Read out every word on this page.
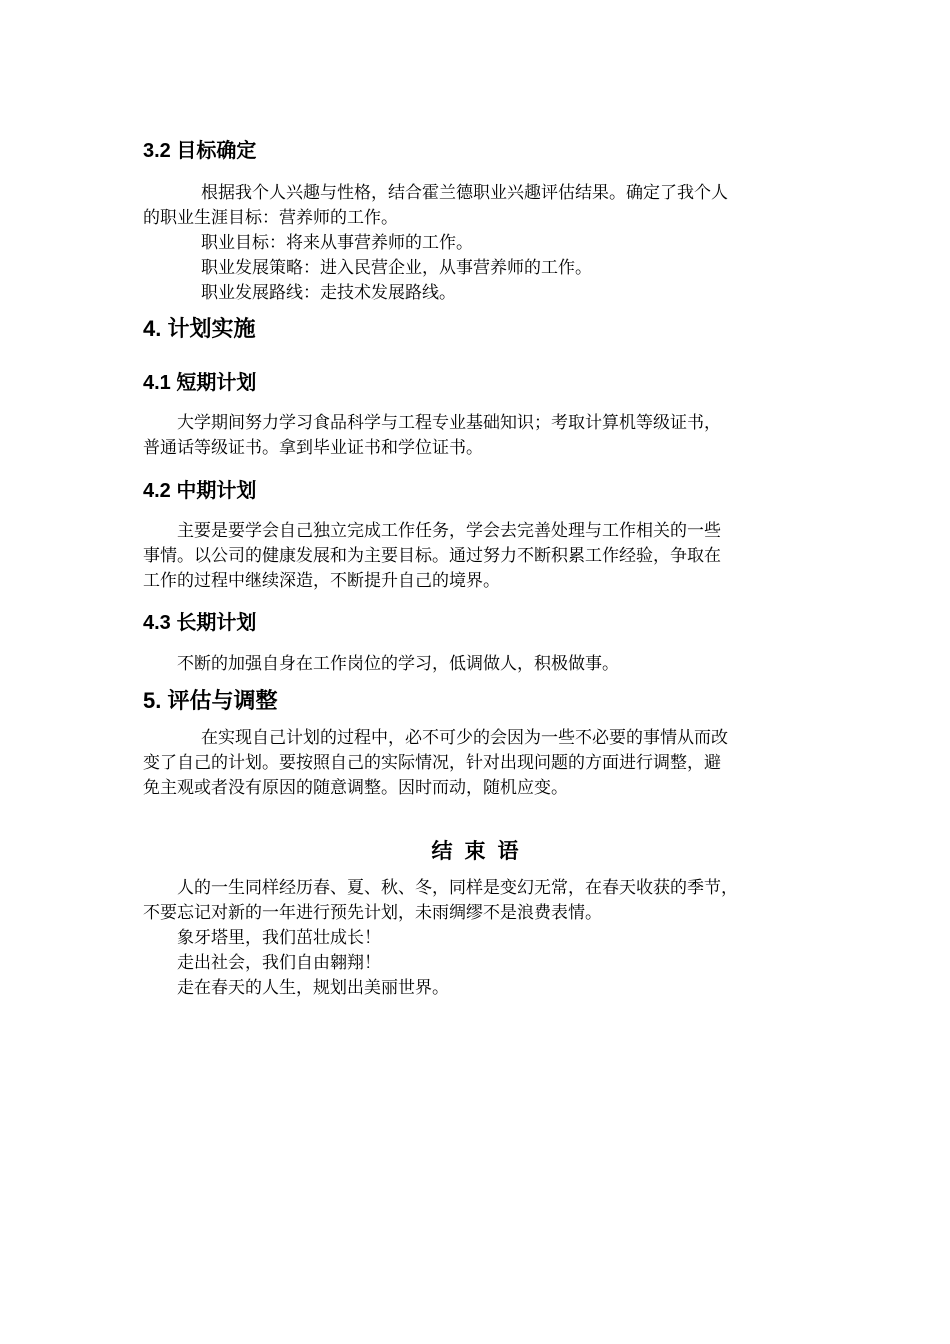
3.2 目标确定

根据我个人兴趣与性格，结合霍兰德职业兴趣评估结果。确定了我个人

的职业生涯目标：营养师的工作。

职业目标：将来从事营养师的工作。

职业发展策略：进入民营企业，从事营养师的工作。

职业发展路线：走技术发展路线。

4. 计划实施
4.1 短期计划

大学期间努力学习食品科学与工程专业基础知识；考取计算机等级证书，

普通话等级证书。拿到毕业证书和学位证书。

4.2 中期计划

主要是要学会自己独立完成工作任务，学会去完善处理与工作相关的一些

事情。以公司的健康发展和为主要目标。通过努力不断积累工作经验，争取在

工作的过程中继续深造，不断提升自己的境界。

4.3 长期计划

不断的加强自身在工作岗位的学习，低调做人，积极做事。

5. 评估与调整

在实现自己计划的过程中，必不可少的会因为一些不必要的事情从而改

变了自己的计划。要按照自己的实际情况，针对出现问题的方面进行调整，避

免主观或者没有原因的随意调整。因时而动，随机应变。

结束语

人的一生同样经历春、夏、秋、冬，同样是变幻无常，在春天收获的季节，

不要忘记对新的一年进行预先计划，未雨绸缪不是浪费表情。

象牙塔里，我们茁壮成长！

走出社会，我们自由翱翔！

走在春天的人生，规划出美丽世界。
